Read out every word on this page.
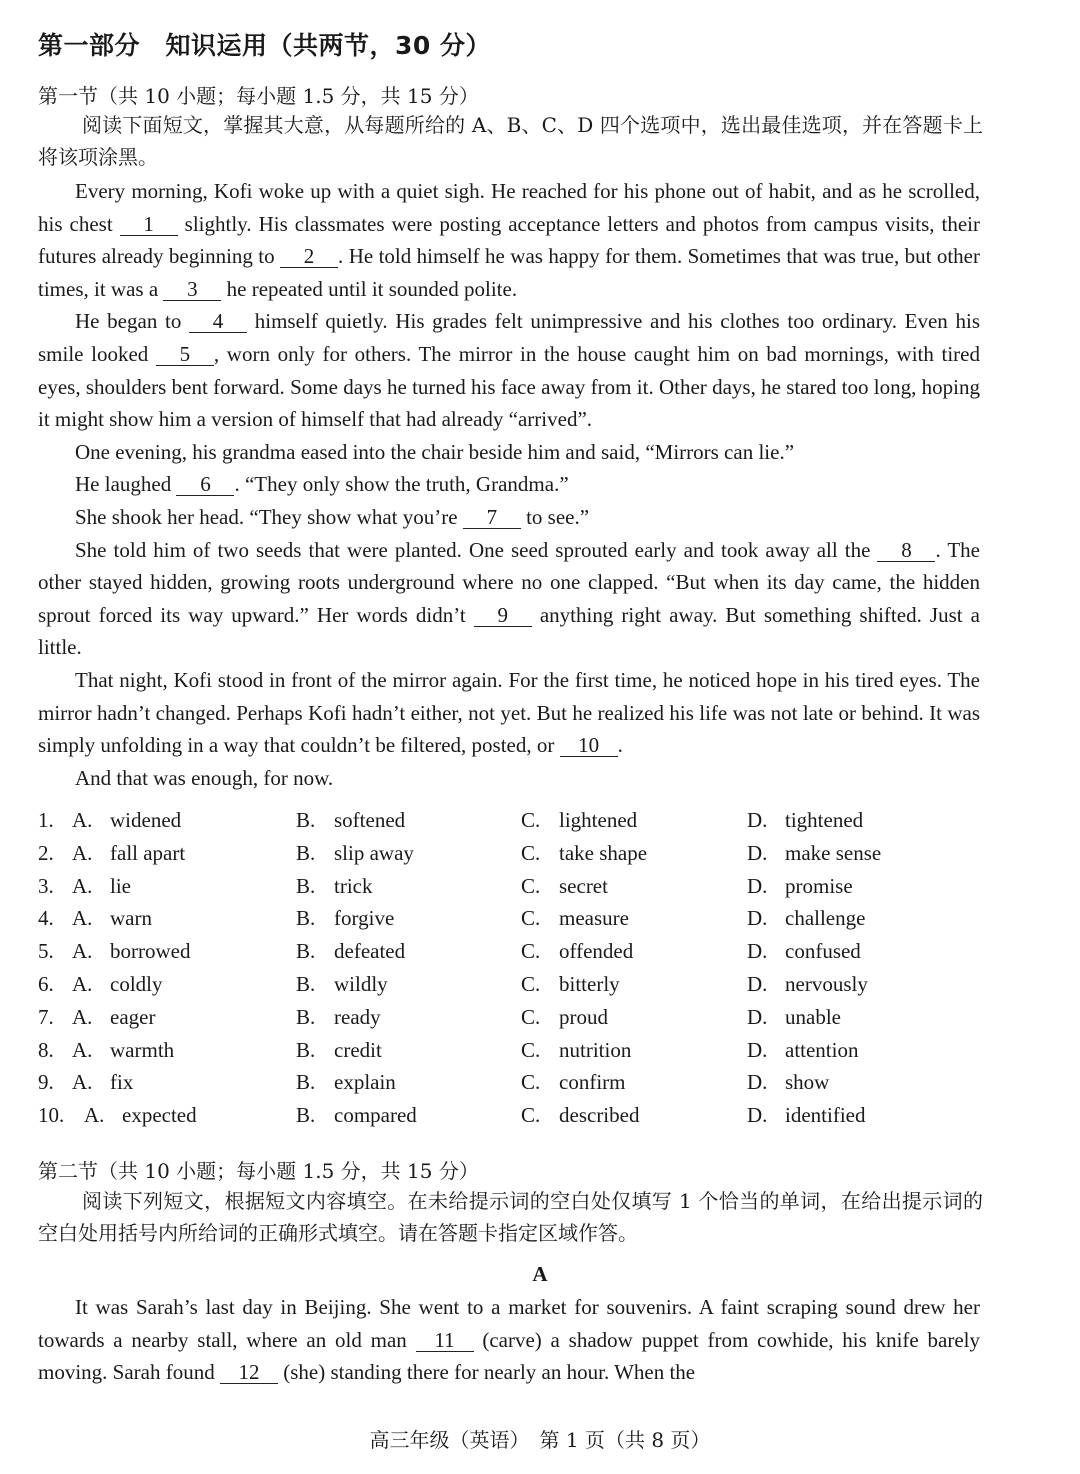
第一部分　知识运用（共两节，30 分）
第一节（共 10 小题；每小题 1.5 分，共 15 分）
阅读下面短文，掌握其大意，从每题所给的 A、B、C、D 四个选项中，选出最佳选项，并在答题卡上将该项涂黑。

Every morning, Kofi woke up with a quiet sigh. He reached for his phone out of habit, and as he scrolled, his chest 1 slightly. His classmates were posting acceptance letters and photos from campus visits, their futures already beginning to 2 . He told himself he was happy for them. Sometimes that was true, but other times, it was a 3 he repeated until it sounded polite.

He began to 4 himself quietly. His grades felt unimpressive and his clothes too ordinary. Even his smile looked 5 , worn only for others. The mirror in the house caught him on bad mornings, with tired eyes, shoulders bent forward. Some days he turned his face away from it. Other days, he stared too long, hoping it might show him a version of himself that had already “arrived”.

One evening, his grandma eased into the chair beside him and said, “Mirrors can lie.”

He laughed 6 . “They only show the truth, Grandma.”

She shook her head. “They show what you’re 7 to see.”

She told him of two seeds that were planted. One seed sprouted early and took away all the 8 . The other stayed hidden, growing roots underground where no one clapped. “But when its day came, the hidden sprout forced its way upward.” Her words didn’t 9 anything right away. But something shifted. Just a little.

That night, Kofi stood in front of the mirror again. For the first time, he noticed hope in his tired eyes. The mirror hadn’t changed. Perhaps Kofi hadn’t either, not yet. But he realized his life was not late or behind. It was simply unfolding in a way that couldn’t be filtered, posted, or 10 .

And that was enough, for now.

1. A. widened	B. softened	C. lightened	D. tightened
2. A. fall apart	B. slip away	C. take shape	D. make sense
3. A. lie	B. trick	C. secret	D. promise
4. A. warn	B. forgive	C. measure	D. challenge
5. A. borrowed	B. defeated	C. offended	D. confused
6. A. coldly	B. wildly	C. bitterly	D. nervously
7. A. eager	B. ready	C. proud	D. unable
8. A. warmth	B. credit	C. nutrition	D. attention
9. A. fix	B. explain	C. confirm	D. show
10. A. expected	B. compared	C. described	D. identified
第二节（共 10 小题；每小题 1.5 分，共 15 分）
阅读下列短文，根据短文内容填空。在未给提示词的空白处仅填写 1 个恰当的单词，在给出提示词的空白处用括号内所给词的正确形式填空。请在答题卡指定区域作答。
A

It was Sarah’s last day in Beijing. She went to a market for souvenirs. A faint scraping sound drew her towards a nearby stall, where an old man 11 (carve) a shadow puppet from cowhide, his knife barely moving. Sarah found 12 (she) standing there for nearly an hour. When the

高三年级（英语）　第 1 页（共 8 页）
